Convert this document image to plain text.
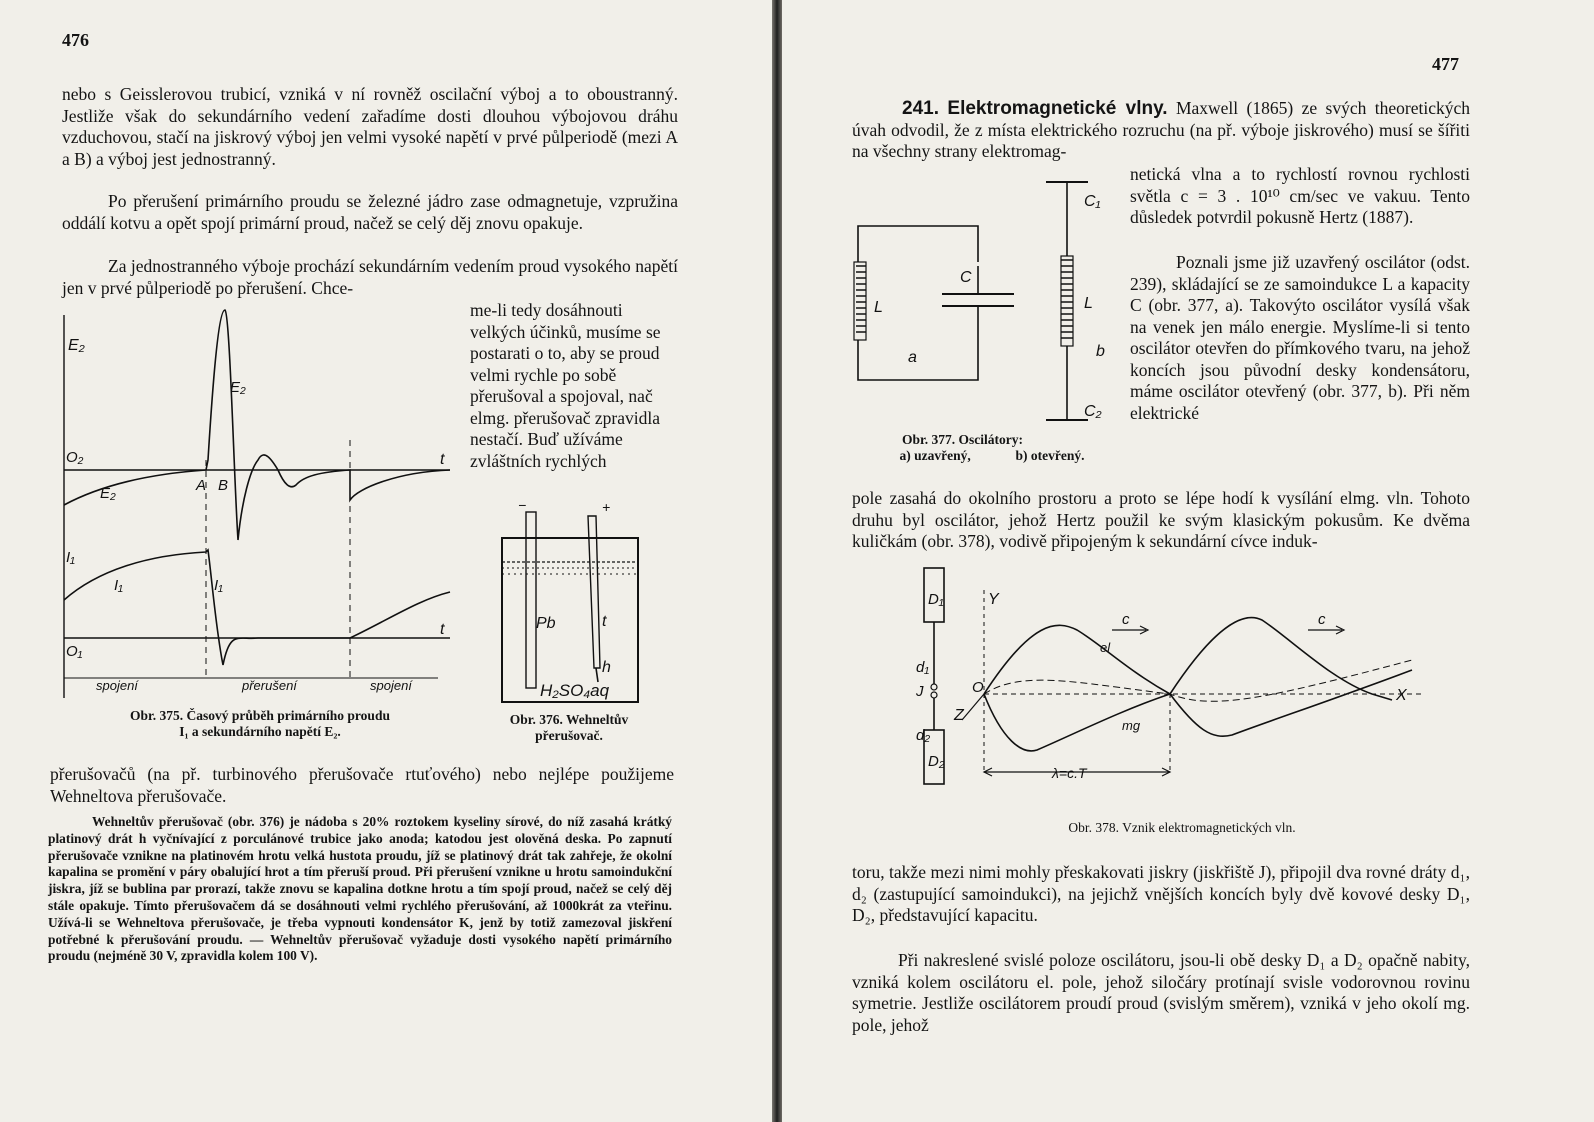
476

nebo s Geisslerovou trubicí, vzniká v ní rovněž oscilační výboj a to oboustranný. Jestliže však do sekundárního vedení zařadíme dosti dlouhou výbojovou dráhu vzduchovou, stačí na jiskrový výboj jen velmi vysoké napětí v prvé půlperiodě (mezi A a B) a výboj jest jednostranný.

Po přerušení primárního proudu se železné jádro zase odmagnetuje, vzpružina oddálí kotvu a opět spojí primární proud, načež se celý děj znovu opakuje.

Za jednostranného výboje prochází sekundárním vedením proud vysokého napětí jen v prvé půlperiodě po přerušení. Chce-

me-li tedy dosáhnouti velkých účinků, musíme se postarati o to, aby se proud velmi rychle po sobě přerušoval a spojoval, nač elmg. přerušovač zpravidla nestačí. Buď užíváme zvláštních rychlých

E₂
E₂
E₂
O₂	t
A B
I₁
I₁	I₁
O₁
t
spojení	přerušení	spojení

Obr. 375. Časový průběh primárního proudu

I₁ a sekundárního napětí E₂.

−	+
Pb	t
h
H₂SO₄aq

Obr. 376. Wehneltův

přerušovač.

přerušovačů (na př. turbinového přerušovače rtuťového) nebo nejlépe použijeme Wehneltova přerušovače.

Wehneltův přerušovač (obr. 376) je nádoba s 20% roztokem kyseliny sírové, do níž zasahá krátký platinový drát h vyčnívající z porculánové trubice jako anoda; katodou jest olověná deska. Po zapnutí přerušovače vznikne na platinovém hrotu velká hustota proudu, jíž se platinový drát tak zahřeje, že okolní kapalina se promění v páry obalující hrot a tím přeruší proud. Při přerušení vznikne u hrotu samoindukční jiskra, jíž se bublina par prorazí, takže znovu se kapalina dotkne hrotu a tím spojí proud, načež se celý děj stále opakuje. Tímto přerušovačem dá se dosáhnouti velmi rychlého přerušování, až 1000krát za vteřinu. Užívá-li se Wehneltova přerušovače, je třeba vypnouti kondensátor K, jenž by totiž zamezoval jiskření potřebné k přerušování proudu. — Wehneltův přerušovač vyžaduje dosti vysokého napětí primárního proudu (nejméně 30 V, zpravidla kolem 100 V).

477
241. Elektromagnetické vlny. Maxwell (1865) ze svých theoretických úvah odvodil, že z místa elektrického rozruchu (na př. výboje jiskrového) musí se šířiti na všechny strany elektromag-

netická vlna a to rychlostí rovnou rychlosti světla c = 3 . 10¹⁰ cm/sec ve vakuu. Tento důsledek potvrdil pokusně Hertz (1887).

Poznali jsme již uzavřený oscilátor (odst. 239), skládající se ze samoindukce L a kapacity C (obr. 377, a). Takovýto oscilátor vysílá však na venek jen málo energie. Myslíme-li si tento oscilátor otevřen do přímkového tvaru, na jehož koncích jsou původní desky kondensátoru, máme oscilátor otevřený (obr. 377, b). Při něm elektrické

pole zasahá do okolního prostoru a proto se lépe hodí k vysílání elmg. vln. Tohoto druhu byl oscilátor, jehož Hertz použil ke svým klasickým pokusům. Ke dvěma kuličkám (obr. 378), vodivě připojeným k sekundární cívce induk-

C
L
a
C₁
L
b
C₂

Obr. 377. Oscilátory:

a) uzavřený,	b) otevřený.
D₁
d₁
J
d₂
D₂
Y
Z
O	X
c	c
el
mg
λ=c.T

Obr. 378. Vznik elektromagnetických vln.

toru, takže mezi nimi mohly přeskakovati jiskry (jiskřiště J), připojil dva rovné dráty d₁, d₂ (zastupující samoindukci), na jejichž vnějších koncích byly dvě kovové desky D₁, D₂, představující kapacitu.

Při nakreslené svislé poloze oscilátoru, jsou-li obě desky D₁ a D₂ opačně nabity, vzniká kolem oscilátoru el. pole, jehož siločáry protínají svisle vodorovnou rovinu symetrie. Jestliže oscilátorem proudí proud (svislým směrem), vzniká v jeho okolí mg. pole, jehož
